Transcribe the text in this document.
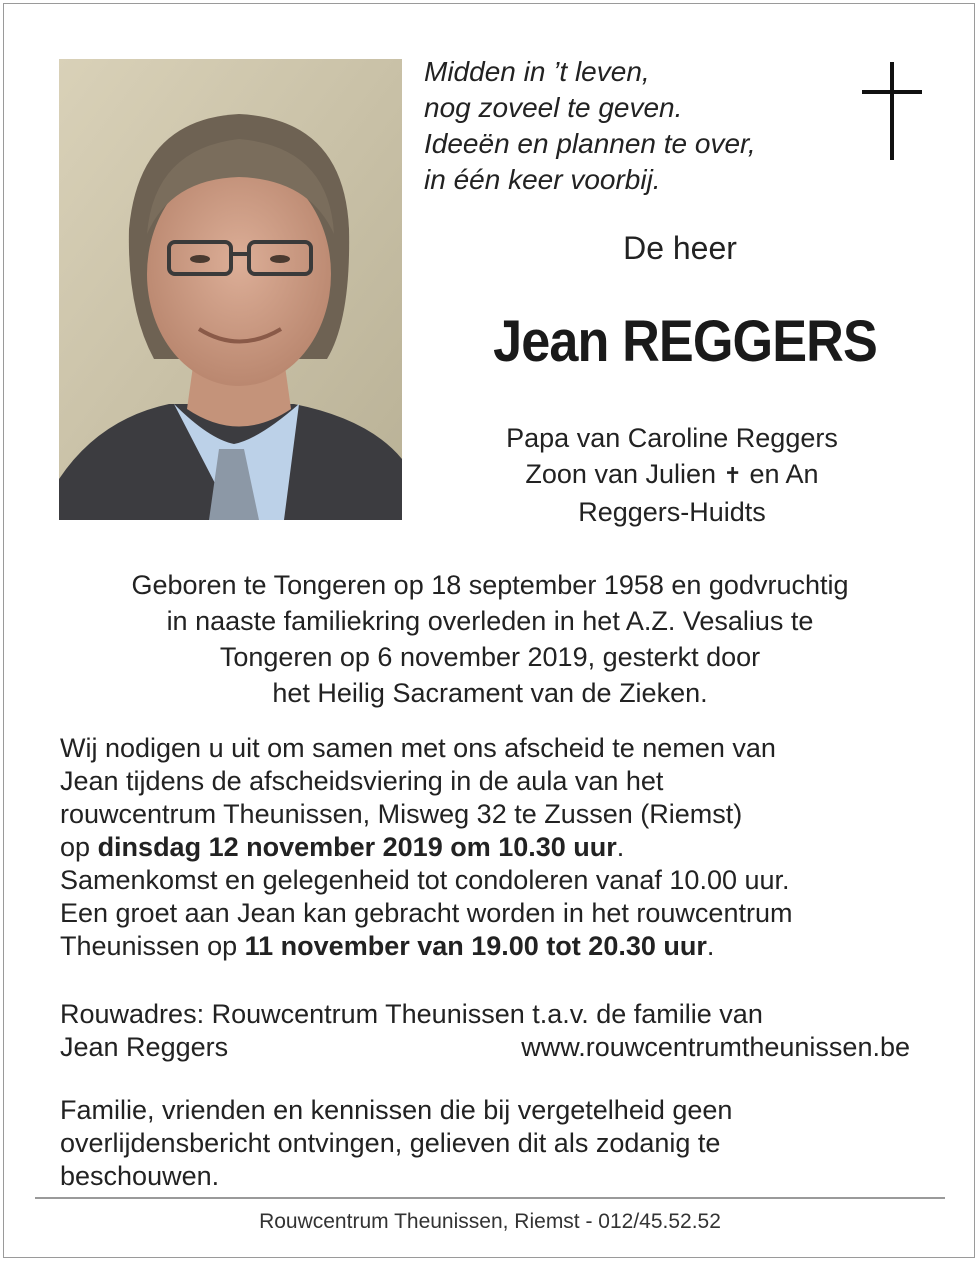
Midden in ’t leven,
nog zoveel te geven.
Ideeën en plannen te over,
in één keer voorbij.
De heer
Jean REGGERS
Papa van Caroline Reggers
Zoon van Julien ✝ en An
Reggers-Huidts
Geboren te Tongeren op 18 september 1958 en godvruchtig
in naaste familiekring overleden in het A.Z. Vesalius te
Tongeren op 6 november 2019, gesterkt door
het Heilig Sacrament van de Zieken.
Wij nodigen u uit om samen met ons afscheid te nemen van
Jean tijdens de afscheidsviering in de aula van het
rouwcentrum Theunissen, Misweg 32 te Zussen (Riemst)
op dinsdag 12 november 2019 om 10.30 uur.
Samenkomst en gelegenheid tot condoleren vanaf 10.00 uur.
Een groet aan Jean kan gebracht worden in het rouwcentrum
Theunissen op 11 november van 19.00 tot 20.30 uur.
Rouwadres: Rouwcentrum Theunissen t.a.v. de familie van
Jean Reggers	www.rouwcentrumtheunissen.be
Familie, vrienden en kennissen die bij vergetelheid geen
overlijdensbericht ontvingen, gelieven dit als zodanig te
beschouwen.
Rouwcentrum Theunissen, Riemst - 012/45.52.52
